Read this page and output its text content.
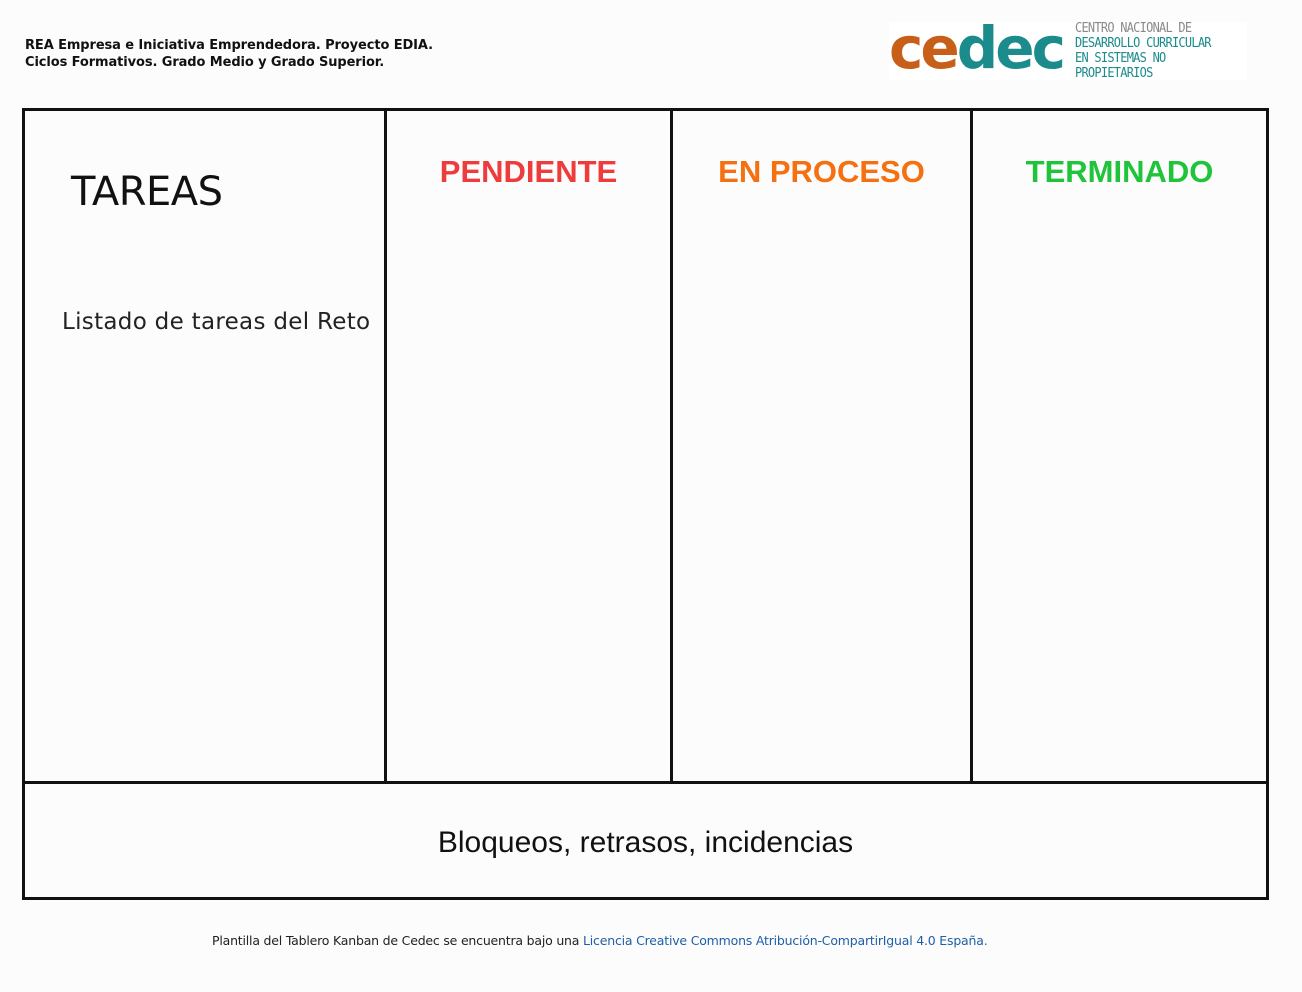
REA Empresa e Iniciativa Emprendedora. Proyecto EDIA.
Ciclos Formativos. Grado Medio y Grado Superior.	cedec CENTRO NACIONAL DE
DESARROLLO CURRICULAR
EN SISTEMAS NO PROPIETARIOS
TAREAS
Listado de tareas del Reto
PENDIENTE	EN PROCESO	TERMINADO
Bloqueos, retrasos, incidencias
Plantilla del Tablero Kanban de Cedec se encuentra bajo una Licencia Creative Commons Atribución-CompartirIgual 4.0 España.
